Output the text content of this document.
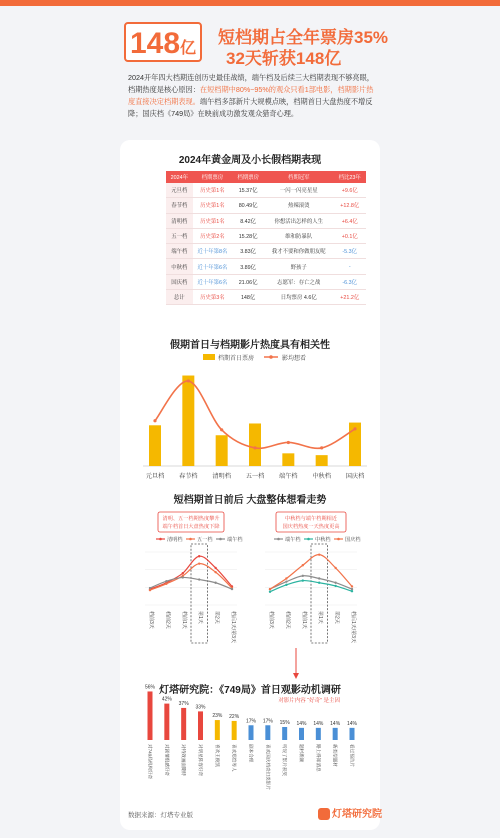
148亿
短档期占全年票房35%
32天斩获148亿
2024开年四大档期连创历史最佳战绩，端午档及后续三大档期表现不够亮眼，档期热度是核心原因：在短档期中80%~95%的观众只看1部电影，档期影片热度直接决定档期表现。端午档多部新片大规模点映，档期首日大盘热度不增反降；国庆档《749局》在映前成功激发观众猎奇心理。
2024年黄金周及小长假档期表现
2024年	档期票房	档期票房	档期冠军	档比23年
元旦档	历史第1名	15.37亿	一闪一闪亮星星	+9.6亿
春节档	历史第1名	80.49亿	热辣滚烫	+12.8亿
清明档	历史第1名	8.42亿	你想活出怎样的人生	+6.4亿
五一档	历史第2名	15.28亿	维和防暴队	+0.1亿
端午档	近十年第8名	3.83亿	我才不要和你做朋友呢	-5.3亿
中秋档	近十年第6名	3.89亿	野孩子	-
国庆档	近十年第6名	21.06亿	志愿军：存亡之战	-6.3亿
总计	历史第3名	148亿	日均票房 4.6亿	+21.2亿
假期首日与档期影片热度具有相关性
短档期首日前后 大盘整体想看走势
灯塔研究院：《749局》首日观影动机调研
档期首日票房	影均想看
元旦档 春节档 清明档 五一档 端午档 中秋档 国庆档
清明、五一档期热度攀升
端午档首日大盘热度下降
清明档	五一档	端午档
档前3天 档前2天 档前1天 第1天 第2天 档后1天/第3天
中秋档与端午档期相近
国庆档热度一天热度更高
端午档	中秋档	国庆档
档前3天 档前2天 档前1天 第1天 第2天 档后1天/第3天
对影片内容 “好奇” 是主因
56%
对749局机构好奇
42%
对剧情很感好奇
37%
对特效画面期待
33%
对明星阵容好奇
23%
喜欢王俊凯
22%
喜欢郑恺等人
17%
剧本合理
17%
喜欢国庆档奇幻类影片
15%
听说了影片获奖
14%
题材新颖
14%
路上得知消息
14%
新类型题材
14%
看过预告片
数据来源：灯塔专业版	灯塔研究院
